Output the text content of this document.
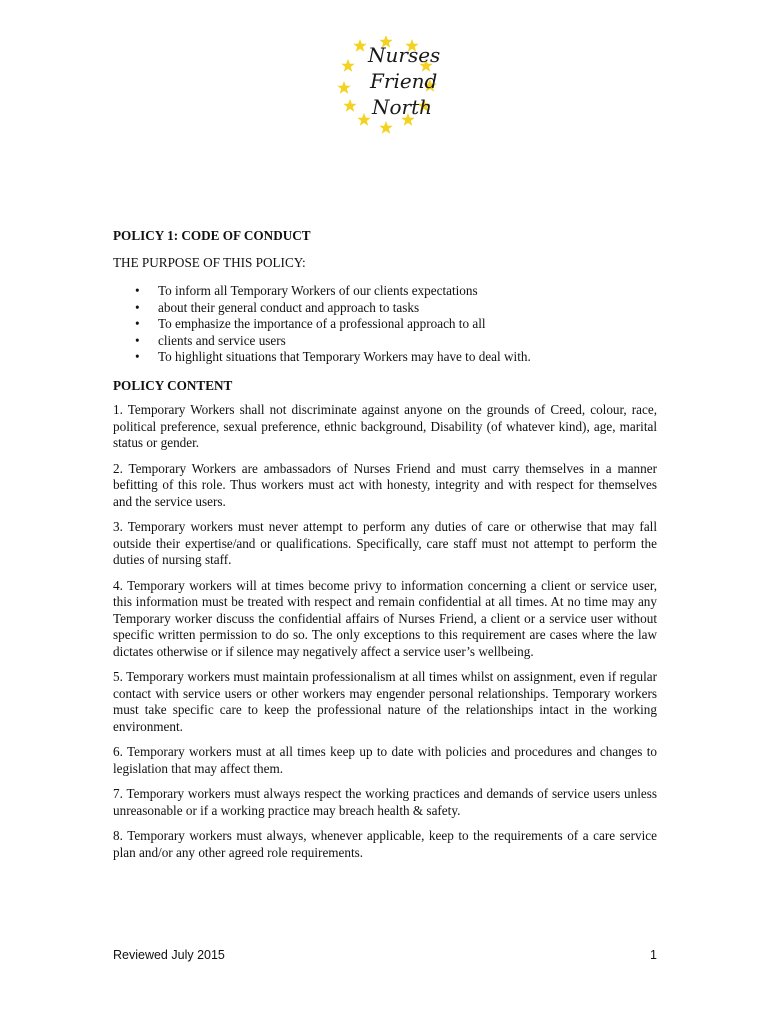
Nurses
Friend
North

POLICY 1: CODE OF CONDUCT

THE PURPOSE OF THIS POLICY:

• To inform all Temporary Workers of our clients expectations
• about their general conduct and approach to tasks
• To emphasize the importance of a professional approach to all
• clients and service users
• To highlight situations that Temporary Workers may have to deal with.

POLICY CONTENT

1. Temporary Workers shall not discriminate against anyone on the grounds of Creed, colour, race, political preference, sexual preference, ethnic background, Disability (of whatever kind), age, marital status or gender.

2. Temporary Workers are ambassadors of Nurses Friend and must carry themselves in a manner befitting of this role. Thus workers must act with honesty, integrity and with respect for themselves and the service users.

3. Temporary workers must never attempt to perform any duties of care or otherwise that may fall outside their expertise/and or qualifications. Specifically, care staff must not attempt to perform the duties of nursing staff.

4. Temporary workers will at times become privy to information concerning a client or service user, this information must be treated with respect and remain confidential at all times. At no time may any Temporary worker discuss the confidential affairs of Nurses Friend, a client or a service user without specific written permission to do so. The only exceptions to this requirement are cases where the law dictates otherwise or if silence may negatively affect a service user’s wellbeing.

5. Temporary workers must maintain professionalism at all times whilst on assignment, even if regular contact with service users or other workers may engender personal relationships. Temporary workers must take specific care to keep the professional nature of the relationships intact in the working environment.

6. Temporary workers must at all times keep up to date with policies and procedures and changes to legislation that may affect them.

7. Temporary workers must always respect the working practices and demands of service users unless unreasonable or if a working practice may breach health & safety.

8. Temporary workers must always, whenever applicable, keep to the requirements of a care service plan and/or any other agreed role requirements.

Reviewed July 2015	1
